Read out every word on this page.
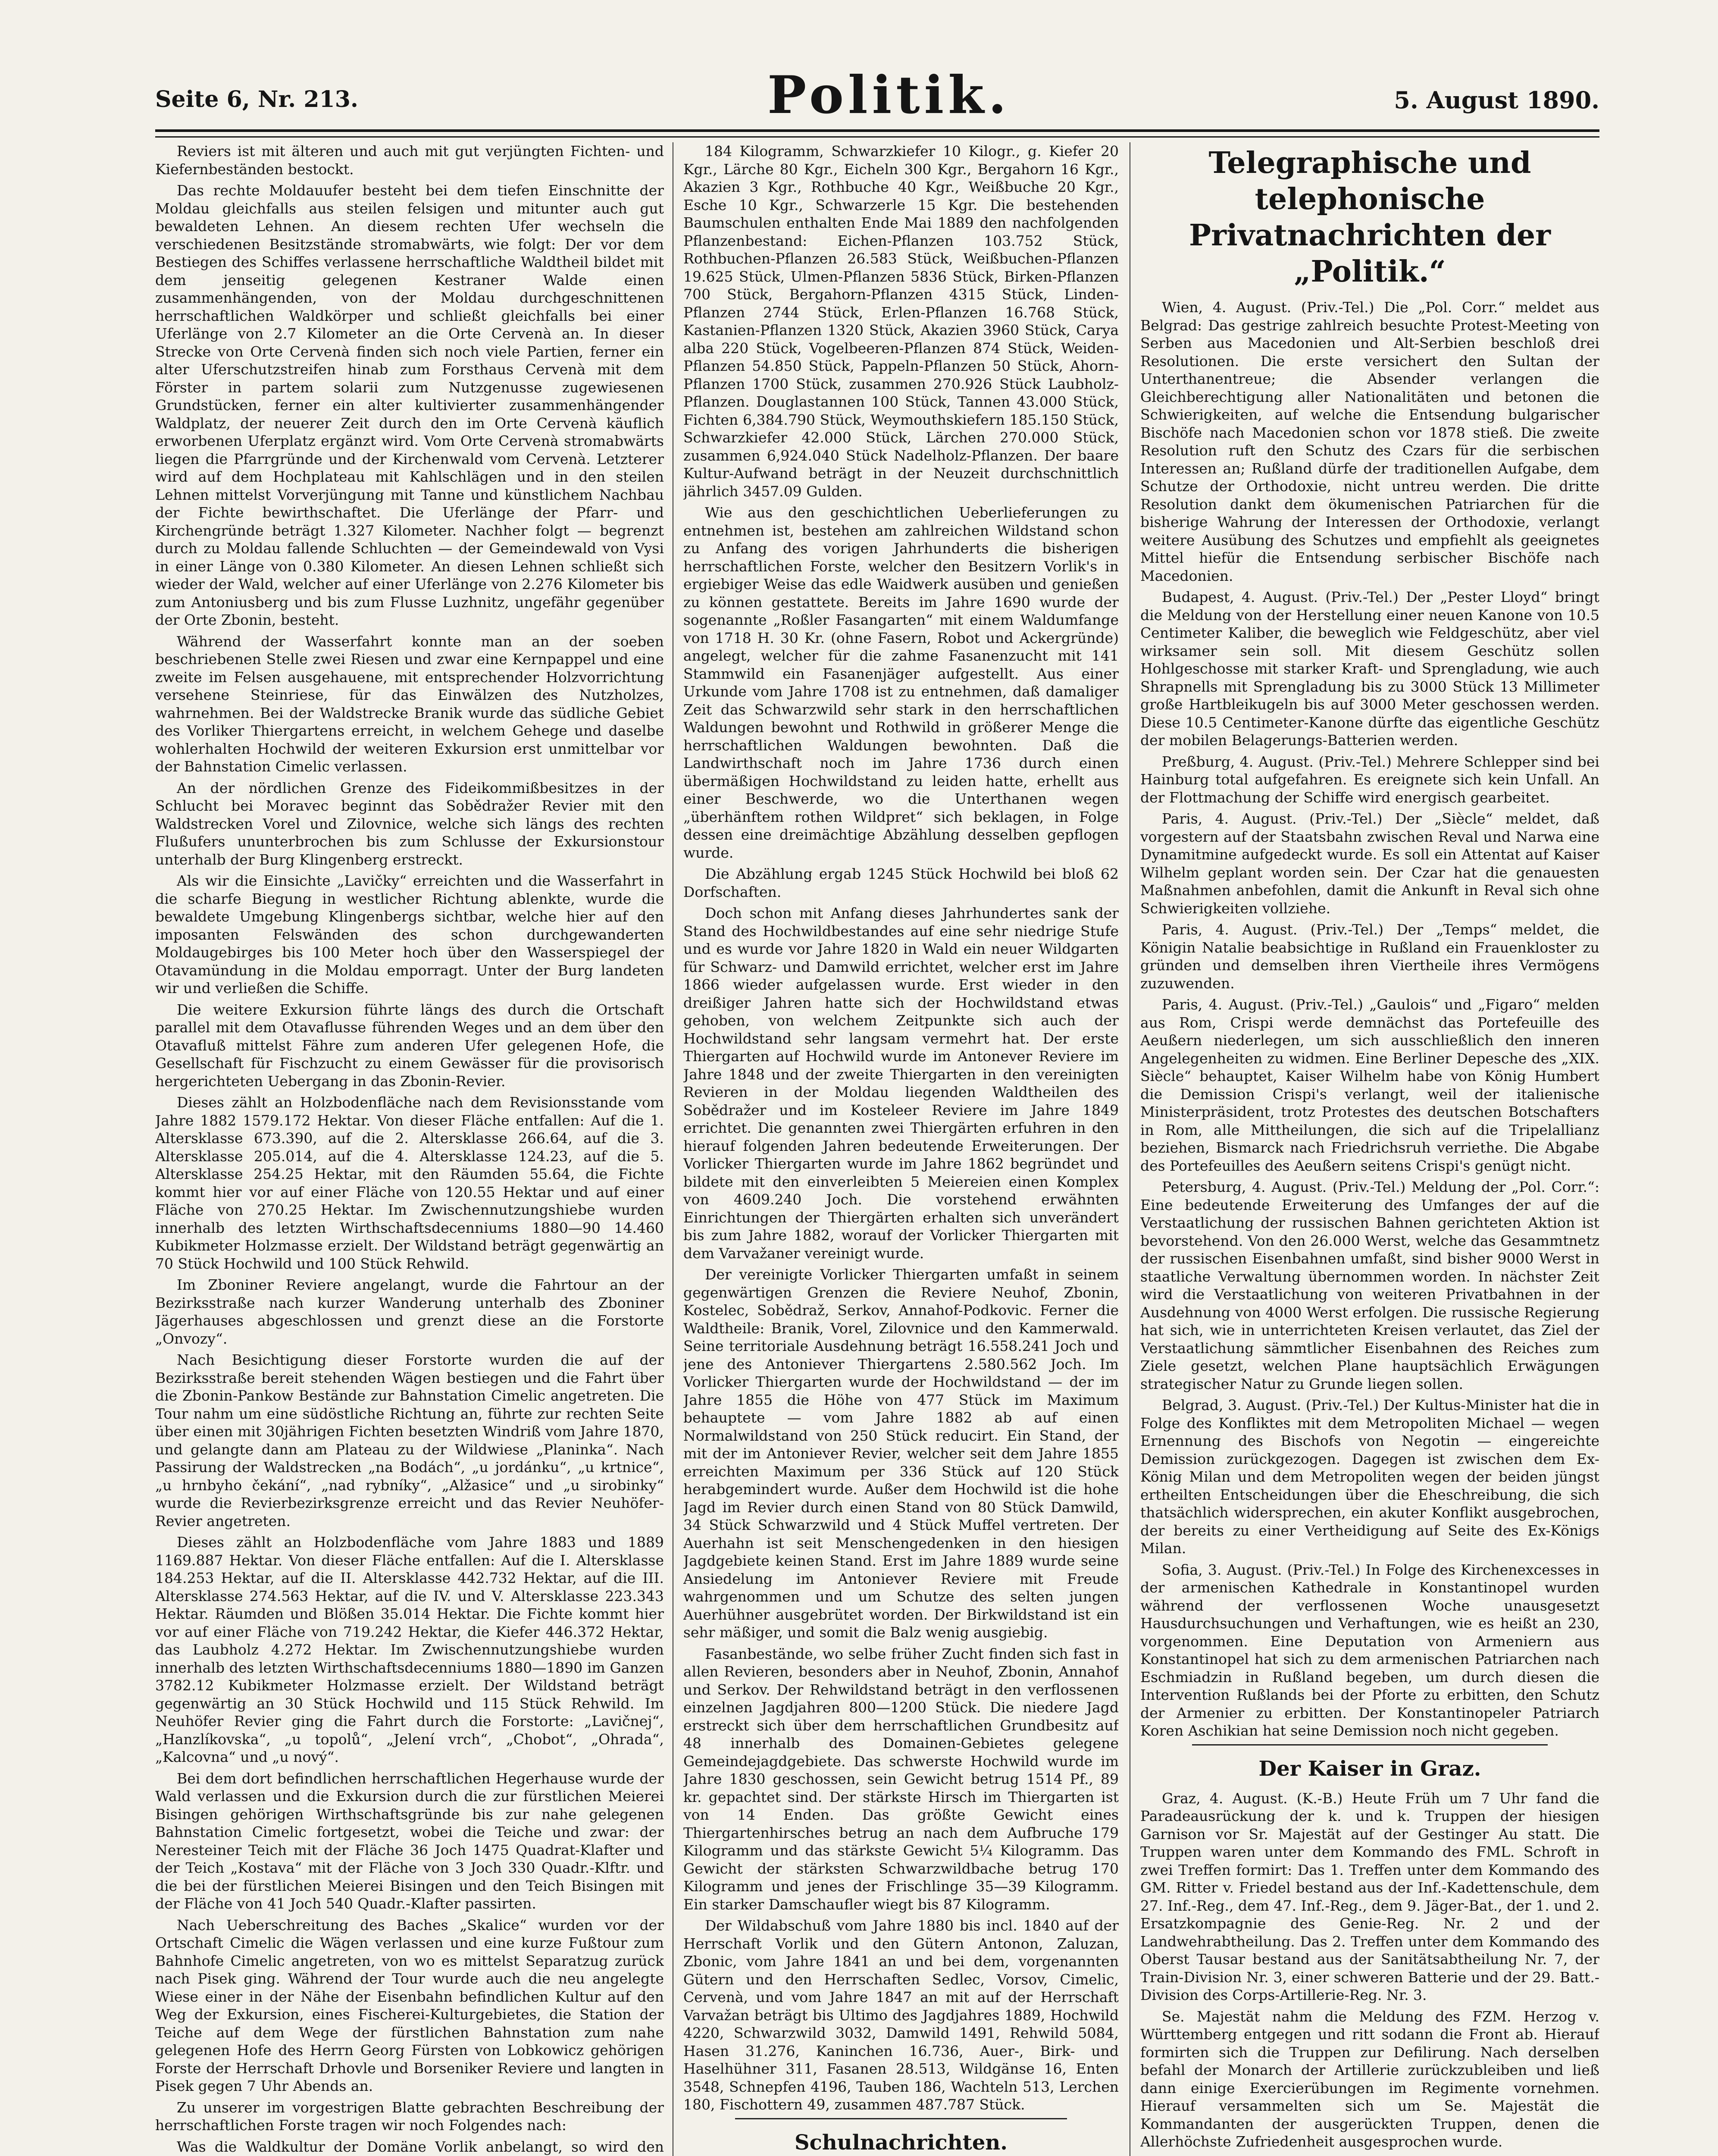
Seite 6, Nr. 213.	Politik.	5. August 1890.

Reviers ist mit älteren und auch mit gut verjüngten Fichten- und Kiefernbeständen bestockt.

Das rechte Moldauufer besteht bei dem tiefen Einschnitte der Moldau gleichfalls aus steilen felsigen und mitunter auch gut bewaldeten Lehnen. An diesem rechten Ufer wechseln die verschiedenen Besitzstände stromabwärts, wie folgt: Der vor dem Bestiegen des Schiffes verlassene herrschaftliche Waldtheil bildet mit dem jenseitig gelegenen Kestraner Walde einen zusammenhängenden, von der Moldau durchgeschnittenen herrschaftlichen Waldkörper und schließt gleichfalls bei einer Uferlänge von 2.7 Kilometer an die Orte Cervenà an. In dieser Strecke von Orte Cervenà finden sich noch viele Partien, ferner ein alter Uferschutzstreifen hinab zum Forsthaus Cervenà mit dem Förster in partem solarii zum Nutzgenusse zugewiesenen Grundstücken, ferner ein alter kultivierter zusammenhängender Waldplatz, der neuerer Zeit durch den im Orte Cervenà käuflich erworbenen Uferplatz ergänzt wird. Vom Orte Cervenà stromabwärts liegen die Pfarrgründe und der Kirchenwald vom Cervenà. Letzterer wird auf dem Hochplateau mit Kahlschlägen und in den steilen Lehnen mittelst Vorverjüngung mit Tanne und künstlichem Nachbau der Fichte bewirthschaftet. Die Uferlänge der Pfarr- und Kirchengründe beträgt 1.327 Kilometer. Nachher folgt — begrenzt durch zu Moldau fallende Schluchten — der Gemeindewald von Vysi in einer Länge von 0.380 Kilometer. An diesen Lehnen schließt sich wieder der Wald, welcher auf einer Uferlänge von 2.276 Kilometer bis zum Antoniusberg und bis zum Flusse Luzhnitz, ungefähr gegenüber der Orte Zbonin, besteht.

Während der Wasserfahrt konnte man an der soeben beschriebenen Stelle zwei Riesen und zwar eine Kernpappel und eine zweite im Felsen ausgehauene, mit entsprechender Holzvorrichtung versehene Steinriese, für das Einwälzen des Nutzholzes, wahrnehmen. Bei der Waldstrecke Branik wurde das südliche Gebiet des Vorliker Thiergartens erreicht, in welchem Gehege und daselbe wohlerhalten Hochwild der weiteren Exkursion erst unmittelbar vor der Bahnstation Cimelic verlassen.

An der nördlichen Grenze des Fideikommißbesitzes in der Schlucht bei Moravec beginnt das Sobědražer Revier mit den Waldstrecken Vorel und Zilovnice, welche sich längs des rechten Flußufers ununterbrochen bis zum Schlusse der Exkursionstour unterhalb der Burg Klingenberg erstreckt.

Als wir die Einsichte „Lavičky“ erreichten und die Wasserfahrt in die scharfe Biegung in westlicher Richtung ablenkte, wurde die bewaldete Umgebung Klingenbergs sichtbar, welche hier auf den imposanten Felswänden des schon durchgewanderten Moldaugebirges bis 100 Meter hoch über den Wasserspiegel der Otavamündung in die Moldau emporragt. Unter der Burg landeten wir und verließen die Schiffe.

Die weitere Exkursion führte längs des durch die Ortschaft parallel mit dem Otavaflusse führenden Weges und an dem über den Otavafluß mittelst Fähre zum anderen Ufer gelegenen Hofe, die Gesellschaft für Fischzucht zu einem Gewässer für die provisorisch hergerichteten Uebergang in das Zbonin-Revier.

Dieses zählt an Holzbodenfläche nach dem Revisionsstande vom Jahre 1882 1579.172 Hektar. Von dieser Fläche entfallen: Auf die 1. Altersklasse 673.390, auf die 2. Altersklasse 266.64, auf die 3. Altersklasse 205.014, auf die 4. Altersklasse 124.23, auf die 5. Altersklasse 254.25 Hektar, mit den Räumden 55.64, die Fichte kommt hier vor auf einer Fläche von 120.55 Hektar und auf einer Fläche von 270.25 Hektar. Im Zwischennutzungshiebe wurden innerhalb des letzten Wirthschaftsdecenniums 1880—90 14.460 Kubikmeter Holzmasse erzielt. Der Wildstand beträgt gegenwärtig an 70 Stück Hochwild und 100 Stück Rehwild.

Im Zboniner Reviere angelangt, wurde die Fahrtour an der Bezirksstraße nach kurzer Wanderung unterhalb des Zboniner Jägerhauses abgeschlossen und grenzt diese an die Forstorte „Onvozy“.

Nach Besichtigung dieser Forstorte wurden die auf der Bezirksstraße bereit stehenden Wägen bestiegen und die Fahrt über die Zbonin-Pankow Bestände zur Bahnstation Cimelic angetreten. Die Tour nahm um eine südöstliche Richtung an, führte zur rechten Seite über einen mit 30jährigen Fichten besetzten Windriß vom Jahre 1870, und gelangte dann am Plateau zu der Wildwiese „Planinka“. Nach Passirung der Waldstrecken „na Bodách“, „u jordánku“, „u krtnice“, „u hrnbyho čekání“, „nad rybníky“, „Alžasice“ und „u sirobinky“ wurde die Revierbezirksgrenze erreicht und das Revier Neuhöfer-Revier angetreten.

Dieses zählt an Holzbodenfläche vom Jahre 1883 und 1889 1169.887 Hektar. Von dieser Fläche entfallen: Auf die I. Altersklasse 184.253 Hektar, auf die II. Altersklasse 442.732 Hektar, auf die III. Altersklasse 274.563 Hektar, auf die IV. und V. Altersklasse 223.343 Hektar. Räumden und Blößen 35.014 Hektar. Die Fichte kommt hier vor auf einer Fläche von 719.242 Hektar, die Kiefer 446.372 Hektar, das Laubholz 4.272 Hektar. Im Zwischennutzungshiebe wurden innerhalb des letzten Wirthschaftsdecenniums 1880—1890 im Ganzen 3782.12 Kubikmeter Holzmasse erzielt. Der Wildstand beträgt gegenwärtig an 30 Stück Hochwild und 115 Stück Rehwild. Im Neuhöfer Revier ging die Fahrt durch die Forstorte: „Lavičnej“, „Hanzlíkovska“, „u topolů“, „Jelení vrch“, „Chobot“, „Ohrada“, „Kalcovna“ und „u nový“.

Bei dem dort befindlichen herrschaftlichen Hegerhause wurde der Wald verlassen und die Exkursion durch die zur fürstlichen Meierei Bisingen gehörigen Wirthschaftsgründe bis zur nahe gelegenen Bahnstation Cimelic fortgesetzt, wobei die Teiche und zwar: der Neresteiner Teich mit der Fläche 36 Joch 1475 Quadrat-Klafter und der Teich „Kostava“ mit der Fläche von 3 Joch 330 Quadr.-Klftr. und die bei der fürstlichen Meierei Bisingen und den Teich Bisingen mit der Fläche von 41 Joch 540 Quadr.-Klafter passirten.

Nach Ueberschreitung des Baches „Skalice“ wurden vor der Ortschaft Cimelic die Wägen verlassen und eine kurze Fußtour zum Bahnhofe Cimelic angetreten, von wo es mittelst Separatzug zurück nach Pisek ging. Während der Tour wurde auch die neu angelegte Wiese einer in der Nähe der Eisenbahn befindlichen Kultur auf den Weg der Exkursion, eines Fischerei-Kulturgebietes, die Station der Teiche auf dem Wege der fürstlichen Bahnstation zum nahe gelegenen Hofe des Herrn Georg Fürsten von Lobkowicz gehörigen Forste der Herrschaft Drhovle und Borseniker Reviere und langten in Pisek gegen 7 Uhr Abends an.

Zu unserer im vorgestrigen Blatte gebrachten Beschreibung der herrschaftlichen Forste tragen wir noch Folgendes nach:

Was die Waldkultur der Domäne Vorlik anbelangt, so wird den

184 Kilogramm, Schwarzkiefer 10 Kilogr., g. Kiefer 20 Kgr., Lärche 80 Kgr., Eicheln 300 Kgr., Bergahorn 16 Kgr., Akazien 3 Kgr., Rothbuche 40 Kgr., Weißbuche 20 Kgr., Esche 10 Kgr., Schwarzerle 15 Kgr. Die bestehenden Baumschulen enthalten Ende Mai 1889 den nachfolgenden Pflanzenbestand: Eichen-Pflanzen 103.752 Stück, Rothbuchen-Pflanzen 26.583 Stück, Weißbuchen-Pflanzen 19.625 Stück, Ulmen-Pflanzen 5836 Stück, Birken-Pflanzen 700 Stück, Bergahorn-Pflanzen 4315 Stück, Linden-Pflanzen 2744 Stück, Erlen-Pflanzen 16.768 Stück, Kastanien-Pflanzen 1320 Stück, Akazien 3960 Stück, Carya alba 220 Stück, Vogelbeeren-Pflanzen 874 Stück, Weiden-Pflanzen 54.850 Stück, Pappeln-Pflanzen 50 Stück, Ahorn-Pflanzen 1700 Stück, zusammen 270.926 Stück Laubholz-Pflanzen. Douglastannen 100 Stück, Tannen 43.000 Stück, Fichten 6,384.790 Stück, Weymouthskiefern 185.150 Stück, Schwarzkiefer 42.000 Stück, Lärchen 270.000 Stück, zusammen 6,924.040 Stück Nadelholz-Pflanzen. Der baare Kultur-Aufwand beträgt in der Neuzeit durchschnittlich jährlich 3457.09 Gulden.

Wie aus den geschichtlichen Ueberlieferungen zu entnehmen ist, bestehen am zahlreichen Wildstand schon zu Anfang des vorigen Jahrhunderts die bisherigen herrschaftlichen Forste, welcher den Besitzern Vorlik's in ergiebiger Weise das edle Waidwerk ausüben und genießen zu können gestattete. Bereits im Jahre 1690 wurde der sogenannte „Roßler Fasangarten“ mit einem Waldumfange von 1718 H. 30 Kr. (ohne Fasern, Robot und Ackergründe) angelegt, welcher für die zahme Fasanenzucht mit 141 Stammwild ein Fasanenjäger aufgestellt. Aus einer Urkunde vom Jahre 1708 ist zu entnehmen, daß damaliger Zeit das Schwarzwild sehr stark in den herrschaftlichen Waldungen bewohnt und Rothwild in größerer Menge die herrschaftlichen Waldungen bewohnten. Daß die Landwirthschaft noch im Jahre 1736 durch einen übermäßigen Hochwildstand zu leiden hatte, erhellt aus einer Beschwerde, wo die Unterthanen wegen „überhänftem rothen Wildpret“ sich beklagen, in Folge dessen eine dreimächtige Abzählung desselben gepflogen wurde.

Die Abzählung ergab 1245 Stück Hochwild bei bloß 62 Dorfschaften.

Doch schon mit Anfang dieses Jahrhundertes sank der Stand des Hochwildbestandes auf eine sehr niedrige Stufe und es wurde vor Jahre 1820 in Wald ein neuer Wildgarten für Schwarz- und Damwild errichtet, welcher erst im Jahre 1866 wieder aufgelassen wurde. Erst wieder in den dreißiger Jahren hatte sich der Hochwildstand etwas gehoben, von welchem Zeitpunkte sich auch der Hochwildstand sehr langsam vermehrt hat. Der erste Thiergarten auf Hochwild wurde im Antonever Reviere im Jahre 1848 und der zweite Thiergarten in den vereinigten Revieren in der Moldau liegenden Waldtheilen des Sobědražer und im Kosteleer Reviere im Jahre 1849 errichtet. Die genannten zwei Thiergärten erfuhren in den hierauf folgenden Jahren bedeutende Erweiterungen. Der Vorlicker Thiergarten wurde im Jahre 1862 begründet und bildete mit den einverleibten 5 Meiereien einen Komplex von 4609.240 Joch. Die vorstehend erwähnten Einrichtungen der Thiergärten erhalten sich unverändert bis zum Jahre 1882, worauf der Vorlicker Thiergarten mit dem Varvažaner vereinigt wurde.

Der vereinigte Vorlicker Thiergarten umfaßt in seinem gegenwärtigen Grenzen die Reviere Neuhof, Zbonin, Kostelec, Sobědraž, Serkov, Annahof-Podkovic. Ferner die Waldtheile: Branik, Vorel, Zilovnice und den Kammerwald. Seine territoriale Ausdehnung beträgt 16.558.241 Joch und jene des Antoniever Thiergartens 2.580.562 Joch. Im Vorlicker Thiergarten wurde der Hochwildstand — der im Jahre 1855 die Höhe von 477 Stück im Maximum behauptete — vom Jahre 1882 ab auf einen Normalwildstand von 250 Stück reducirt. Ein Stand, der mit der im Antoniever Revier, welcher seit dem Jahre 1855 erreichten Maximum per 336 Stück auf 120 Stück herabgemindert wurde. Außer dem Hochwild ist die hohe Jagd im Revier durch einen Stand von 80 Stück Damwild, 34 Stück Schwarzwild und 4 Stück Muffel vertreten. Der Auerhahn ist seit Menschengedenken in den hiesigen Jagdgebiete keinen Stand. Erst im Jahre 1889 wurde seine Ansiedelung im Antoniever Reviere mit Freude wahrgenommen und um Schutze des selten jungen Auerhühner ausgebrütet worden. Der Birkwildstand ist ein sehr mäßiger, und somit die Balz wenig ausgiebig.

Fasanbestände, wo selbe früher Zucht finden sich fast in allen Revieren, besonders aber in Neuhof, Zbonin, Annahof und Serkov. Der Rehwildstand beträgt in den verflossenen einzelnen Jagdjahren 800—1200 Stück. Die niedere Jagd erstreckt sich über dem herrschaftlichen Grundbesitz auf 48 innerhalb des Domainen-Gebietes gelegene Gemeindejagdgebiete. Das schwerste Hochwild wurde im Jahre 1830 geschossen, sein Gewicht betrug 1514 Pf., 89 kr. gepachtet sind. Der stärkste Hirsch im Thiergarten ist von 14 Enden. Das größte Gewicht eines Thiergartenhirsches betrug an nach dem Aufbruche 179 Kilogramm und das stärkste Gewicht 5¼ Kilogramm. Das Gewicht der stärksten Schwarzwildbache betrug 170 Kilogramm und jenes der Frischlinge 35—39 Kilogramm. Ein starker Damschaufler wiegt bis 87 Kilogramm.

Der Wildabschuß vom Jahre 1880 bis incl. 1840 auf der Herrschaft Vorlik und den Gütern Antonon, Zaluzan, Zbonic, vom Jahre 1841 an und bei dem, vorgenannten Gütern und den Herrschaften Sedlec, Vorsov, Cimelic, Cervenà, und vom Jahre 1847 an mit auf der Herrschaft Varvažan beträgt bis Ultimo des Jagdjahres 1889, Hochwild 4220, Schwarzwild 3032, Damwild 1491, Rehwild 5084, Hasen 31.276, Kaninchen 16.736, Auer-, Birk- und Haselhühner 311, Fasanen 28.513, Wildgänse 16, Enten 3548, Schnepfen 4196, Tauben 186, Wachteln 513, Lerchen 180, Fischottern 49, zusammen 487.787 Stück.

Schulnachrichten.

Telegraphische und telephonische Privatnachrichten der „Politik.“

Wien, 4. August. (Priv.-Tel.) Die „Pol. Corr.“ meldet aus Belgrad: Das gestrige zahlreich besuchte Protest-Meeting von Serben aus Macedonien und Alt-Serbien beschloß drei Resolutionen. Die erste versichert den Sultan der Unterthanentreue; die Absender verlangen die Gleichberechtigung aller Nationalitäten und betonen die Schwierigkeiten, auf welche die Entsendung bulgarischer Bischöfe nach Macedonien schon vor 1878 stieß. Die zweite Resolution ruft den Schutz des Czars für die serbischen Interessen an; Rußland dürfe der traditionellen Aufgabe, dem Schutze der Orthodoxie, nicht untreu werden. Die dritte Resolution dankt dem ökumenischen Patriarchen für die bisherige Wahrung der Interessen der Orthodoxie, verlangt weitere Ausübung des Schutzes und empfiehlt als geeignetes Mittel hiefür die Entsendung serbischer Bischöfe nach Macedonien.

Budapest, 4. August. (Priv.-Tel.) Der „Pester Lloyd“ bringt die Meldung von der Herstellung einer neuen Kanone von 10.5 Centimeter Kaliber, die beweglich wie Feldgeschütz, aber viel wirksamer sein soll. Mit diesem Geschütz sollen Hohlgeschosse mit starker Kraft- und Sprengladung, wie auch Shrapnells mit Sprengladung bis zu 3000 Stück 13 Millimeter große Hartbleikugeln bis auf 3000 Meter geschossen werden. Diese 10.5 Centimeter-Kanone dürfte das eigentliche Geschütz der mobilen Belagerungs-Batterien werden.

Preßburg, 4. August. (Priv.-Tel.) Mehrere Schlepper sind bei Hainburg total aufgefahren. Es ereignete sich kein Unfall. An der Flottmachung der Schiffe wird energisch gearbeitet.

Paris, 4. August. (Priv.-Tel.) Der „Siècle“ meldet, daß vorgestern auf der Staatsbahn zwischen Reval und Narwa eine Dynamitmine aufgedeckt wurde. Es soll ein Attentat auf Kaiser Wilhelm geplant worden sein. Der Czar hat die genauesten Maßnahmen anbefohlen, damit die Ankunft in Reval sich ohne Schwierigkeiten vollziehe.

Paris, 4. August. (Priv.-Tel.) Der „Temps“ meldet, die Königin Natalie beabsichtige in Rußland ein Frauenkloster zu gründen und demselben ihren Viertheile ihres Vermögens zuzuwenden.

Paris, 4. August. (Priv.-Tel.) „Gaulois“ und „Figaro“ melden aus Rom, Crispi werde demnächst das Portefeuille des Aeußern niederlegen, um sich ausschließlich den inneren Angelegenheiten zu widmen. Eine Berliner Depesche des „XIX. Siècle“ behauptet, Kaiser Wilhelm habe von König Humbert die Demission Crispi's verlangt, weil der italienische Ministerpräsident, trotz Protestes des deutschen Botschafters in Rom, alle Mittheilungen, die sich auf die Tripelallianz beziehen, Bismarck nach Friedrichsruh verriethe. Die Abgabe des Portefeuilles des Aeußern seitens Crispi's genügt nicht.

Petersburg, 4. August. (Priv.-Tel.) Meldung der „Pol. Corr.“: Eine bedeutende Erweiterung des Umfanges der auf die Verstaatlichung der russischen Bahnen gerichteten Aktion ist bevorstehend. Von den 26.000 Werst, welche das Gesammtnetz der russischen Eisenbahnen umfaßt, sind bisher 9000 Werst in staatliche Verwaltung übernommen worden. In nächster Zeit wird die Verstaatlichung von weiteren Privatbahnen in der Ausdehnung von 4000 Werst erfolgen. Die russische Regierung hat sich, wie in unterrichteten Kreisen verlautet, das Ziel der Verstaatlichung sämmtlicher Eisenbahnen des Reiches zum Ziele gesetzt, welchen Plane hauptsächlich Erwägungen strategischer Natur zu Grunde liegen sollen.

Belgrad, 3. August. (Priv.-Tel.) Der Kultus-Minister hat die in Folge des Konfliktes mit dem Metropoliten Michael — wegen Ernennung des Bischofs von Negotin — eingereichte Demission zurückgezogen. Dagegen ist zwischen dem Ex-König Milan und dem Metropoliten wegen der beiden jüngst ertheilten Entscheidungen über die Eheschreibung, die sich thatsächlich widersprechen, ein akuter Konflikt ausgebrochen, der bereits zu einer Vertheidigung auf Seite des Ex-Königs Milan.

Sofia, 3. August. (Priv.-Tel.) In Folge des Kirchenexcesses in der armenischen Kathedrale in Konstantinopel wurden während der verflossenen Woche unausgesetzt Hausdurchsuchungen und Verhaftungen, wie es heißt an 230, vorgenommen. Eine Deputation von Armeniern aus Konstantinopel hat sich zu dem armenischen Patriarchen nach Eschmiadzin in Rußland begeben, um durch diesen die Intervention Rußlands bei der Pforte zu erbitten, den Schutz der Armenier zu erbitten. Der Konstantinopeler Patriarch Koren Aschikian hat seine Demission noch nicht gegeben.

Der Kaiser in Graz.

Graz, 4. August. (K.-B.) Heute Früh um 7 Uhr fand die Paradeausrückung der k. und k. Truppen der hiesigen Garnison vor Sr. Majestät auf der Gestinger Au statt. Die Truppen waren unter dem Kommando des FML. Schroft in zwei Treffen formirt: Das 1. Treffen unter dem Kommando des GM. Ritter v. Friedel bestand aus der Inf.-Kadettenschule, dem 27. Inf.-Reg., dem 47. Inf.-Reg., dem 9. Jäger-Bat., der 1. und 2. Ersatzkompagnie des Genie-Reg. Nr. 2 und der Landwehrabtheilung. Das 2. Treffen unter dem Kommando des Oberst Tausar bestand aus der Sanitätsabtheilung Nr. 7, der Train-Division Nr. 3, einer schweren Batterie und der 29. Batt.-Division des Corps-Artillerie-Reg. Nr. 3.

Se. Majestät nahm die Meldung des FZM. Herzog v. Württemberg entgegen und ritt sodann die Front ab. Hierauf formirten sich die Truppen zur Defilirung. Nach derselben befahl der Monarch der Artillerie zurückzubleiben und ließ dann einige Exercierübungen im Regimente vornehmen. Hierauf versammelten sich um Se. Majestät die Kommandanten der ausgerückten Truppen, denen die Allerhöchste Zufriedenheit ausgesprochen wurde.
